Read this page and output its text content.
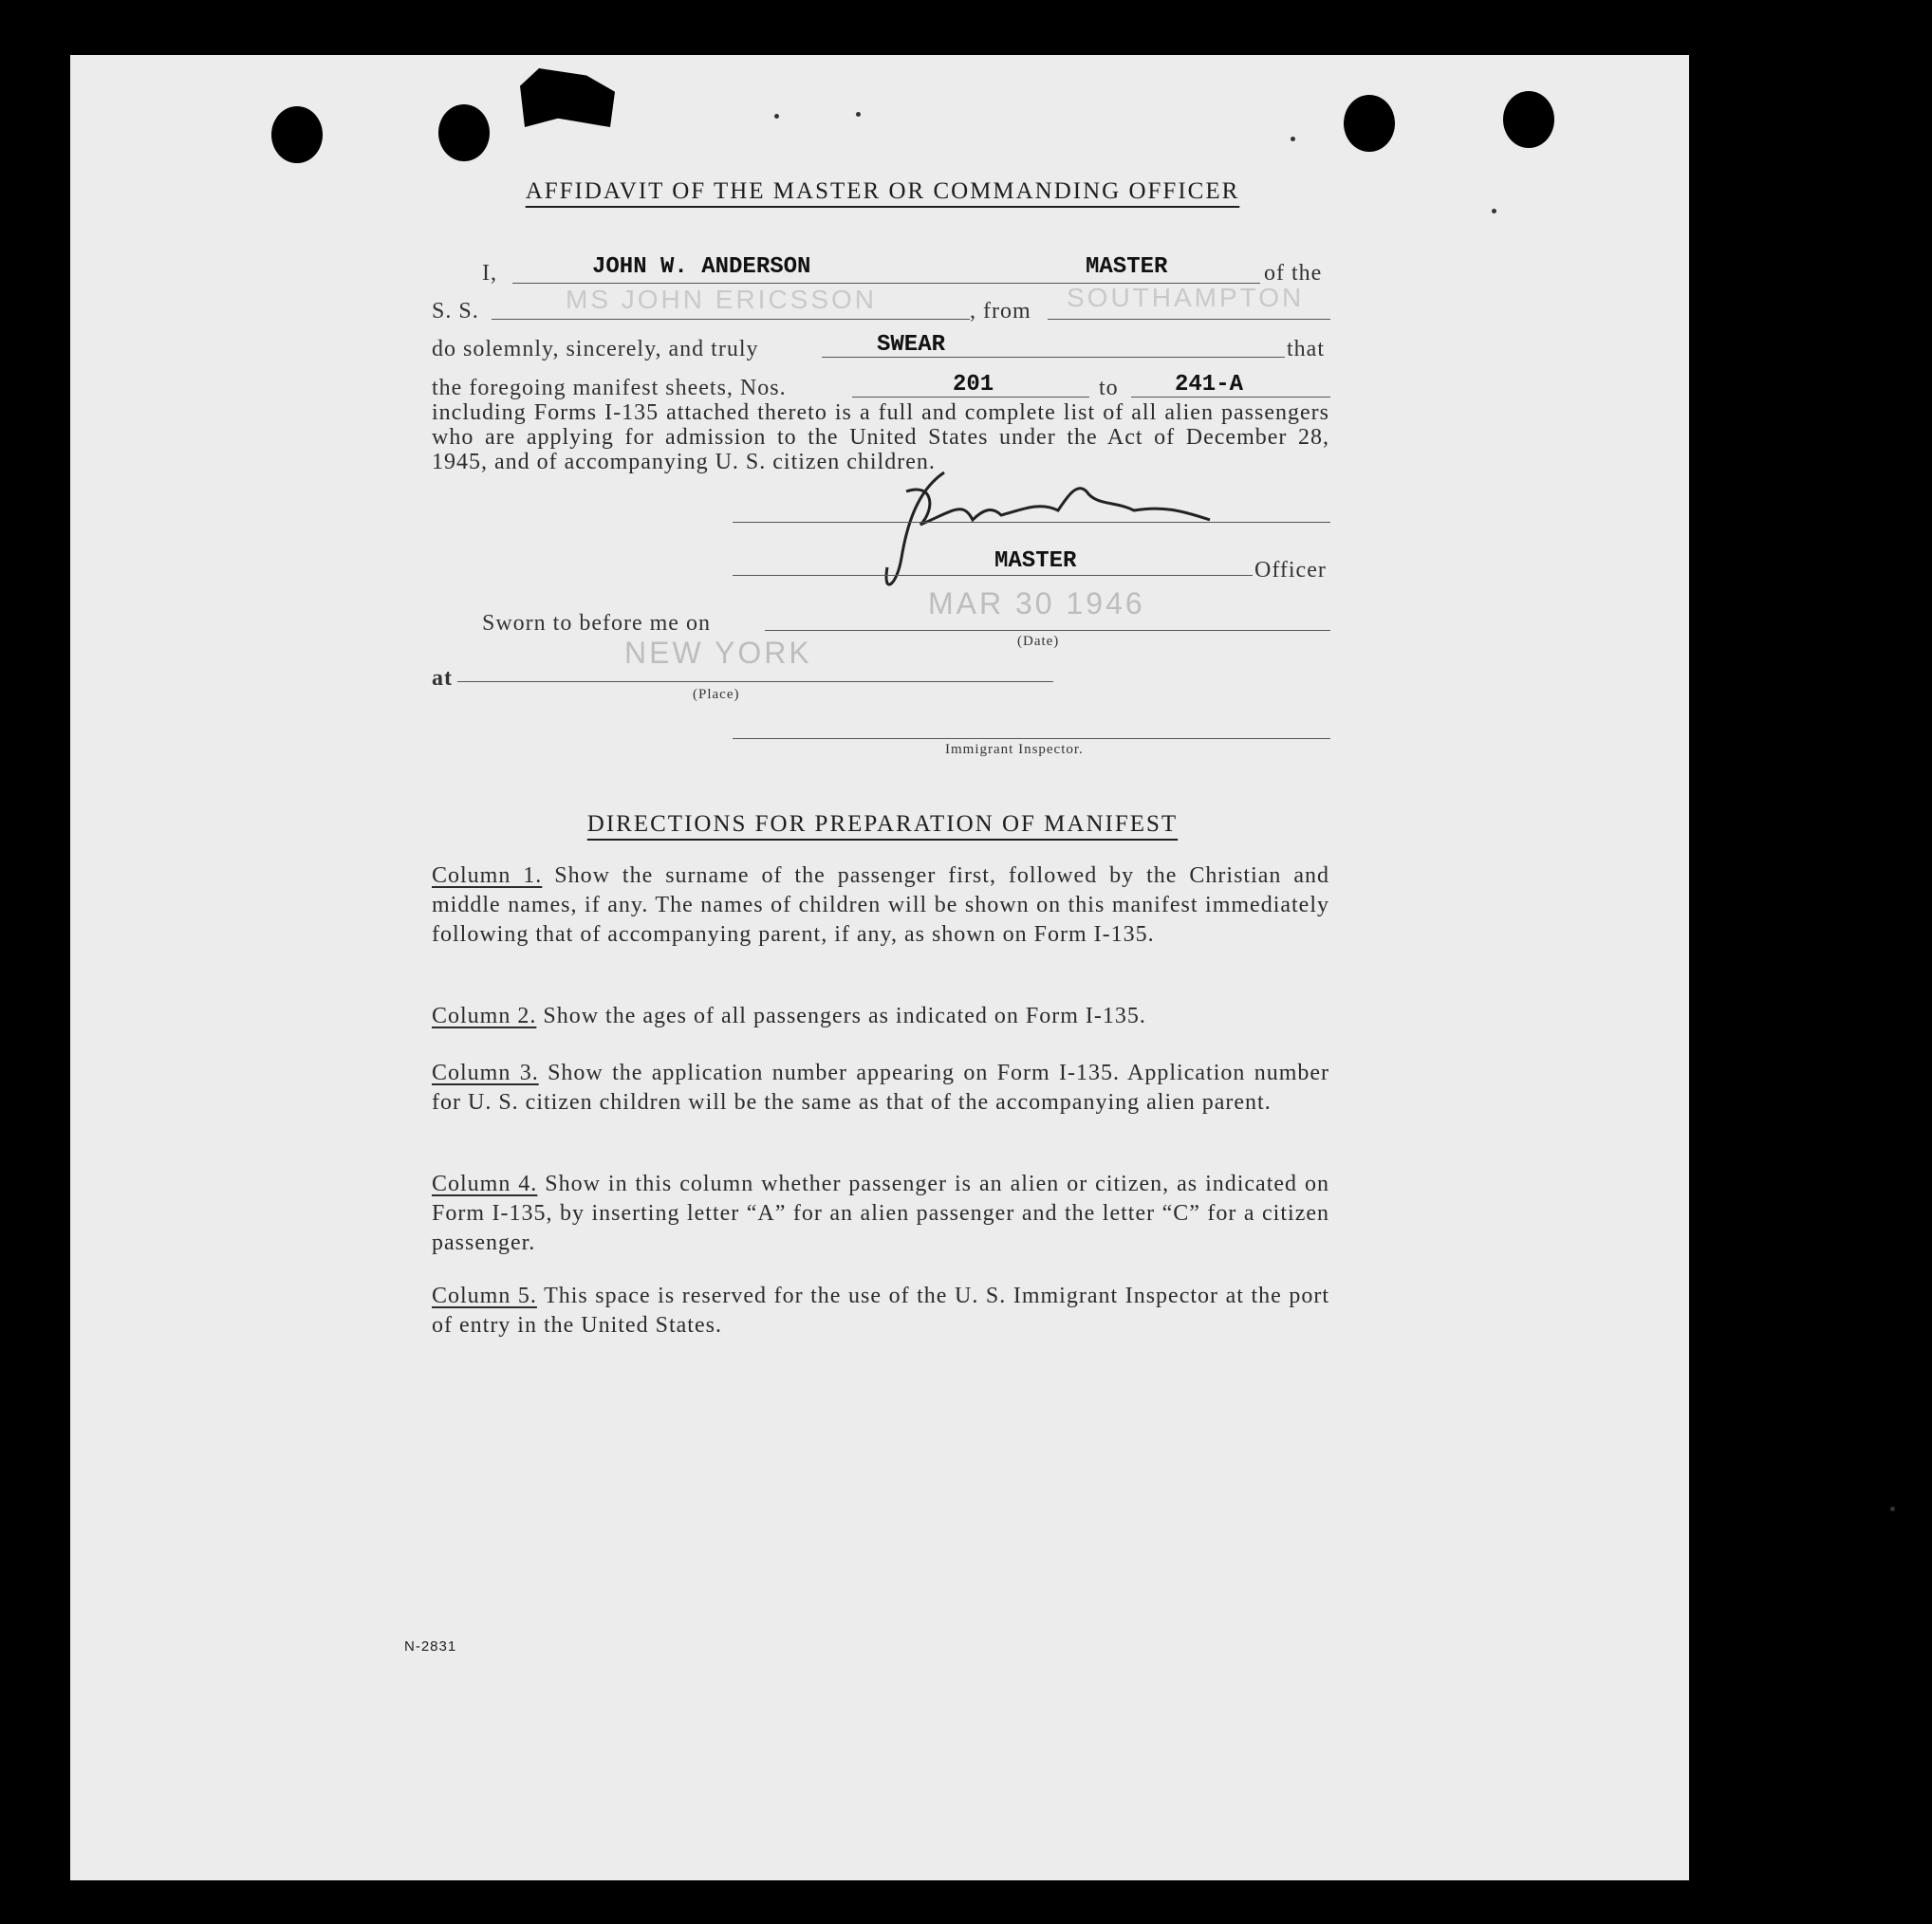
AFFIDAVIT OF THE MASTER OR COMMANDING OFFICER
I,	JOHN W. ANDERSON	MASTER	of the
S. S.	MS JOHN ERICSSON	, from SOUTHAMPTON
do solemnly, sincerely, and truly	SWEAR	that
the foregoing manifest sheets, Nos.	201	to 241-A
including Forms I-135 attached thereto is a full and complete list of all alien passengers who are applying for admission to the United States under the Act of December 28, 1945, and of accompanying U. S. citizen children.
MASTER	Officer
Sworn to before me on
MAR 30 1946
(Date)
at
NEW YORK
(Place)
Immigrant Inspector.
DIRECTIONS FOR PREPARATION OF MANIFEST
Column 1. Show the surname of the passenger first, followed by the Christian and middle names, if any. The names of children will be shown on this manifest immediately following that of accompanying parent, if any, as shown on Form I-135.
Column 2. Show the ages of all passengers as indicated on Form I-135.
Column 3. Show the application number appearing on Form I-135. Application number for U. S. citizen children will be the same as that of the accompanying alien parent.
Column 4. Show in this column whether passenger is an alien or citizen, as indicated on Form I-135, by inserting letter “A” for an alien passenger and the letter “C” for a citizen passenger.
Column 5. This space is reserved for the use of the U. S. Immigrant Inspector at the port of entry in the United States.
N-2831
